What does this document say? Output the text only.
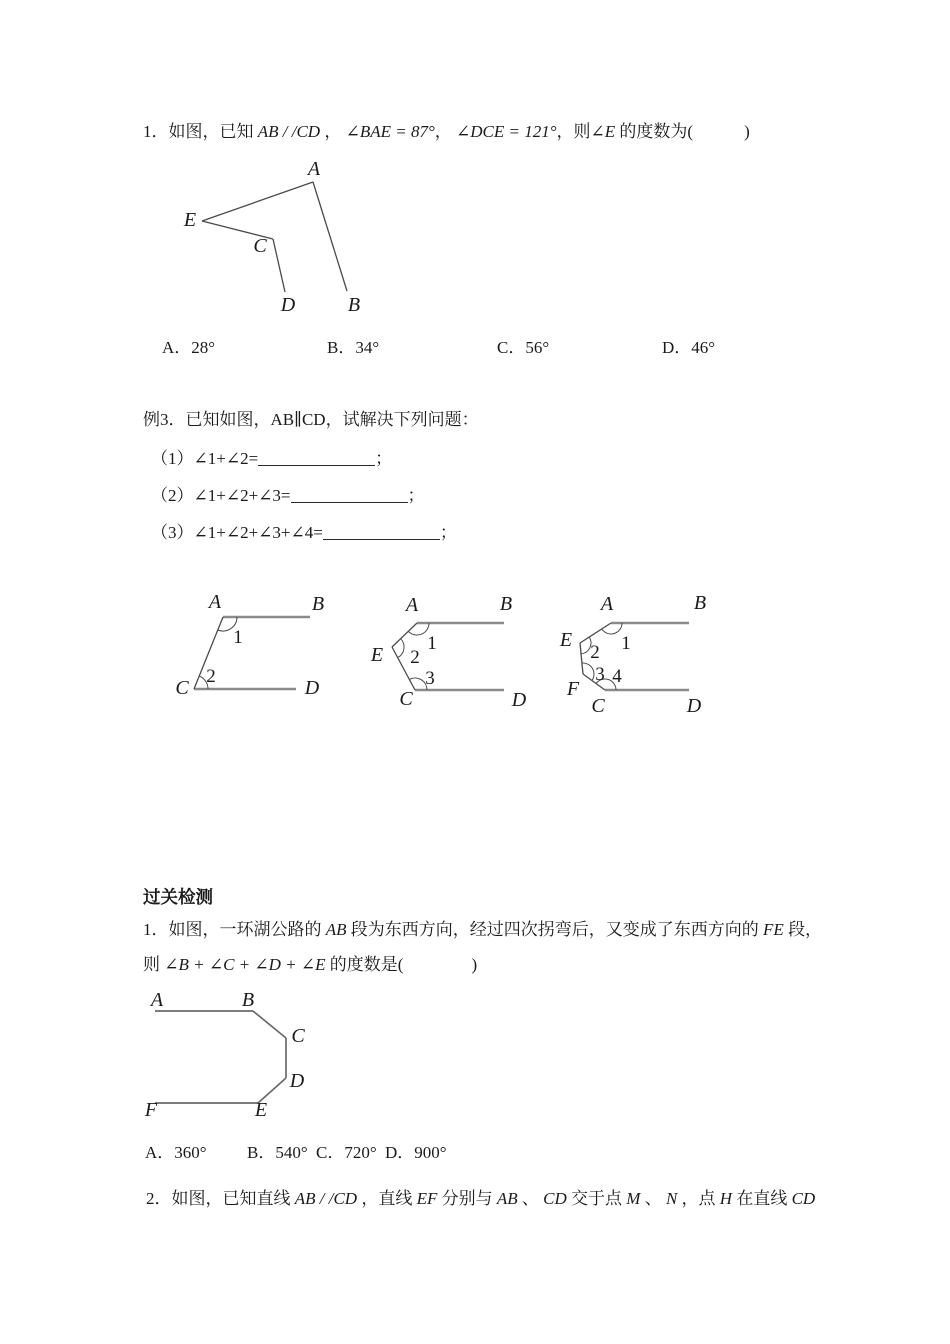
1．如图，已知 AB / /CD ， ∠BAE = 87°， ∠DCE = 121°，则∠E 的度数为(　　　)
A
E
C
D	B
A．28°	B．34°	C．56°	D．46°
例3．已知如图，AB∥CD，试解决下列问题：
（1）∠1+∠2=	；
（2）∠1+∠2+∠3=	；
（3）∠1+∠2+∠3+∠4=	；
A	B
C	D
1
2
A	B
E
C	D
1
2
3
A	B
E
F
C	D
1
2
3 4
过关检测
1．如图，一环湖公路的 AB 段为东西方向，经过四次拐弯后，又变成了东西方向的 FE 段，
则 ∠B + ∠C + ∠D + ∠E 的度数是(　　　　)
A	B
C
D
E
F
A．360° B．540° C．720° D．900°
2．如图，已知直线 AB / /CD ，直线 EF 分别与 AB 、 CD 交于点 M 、 N ，点 H 在直线 CD
